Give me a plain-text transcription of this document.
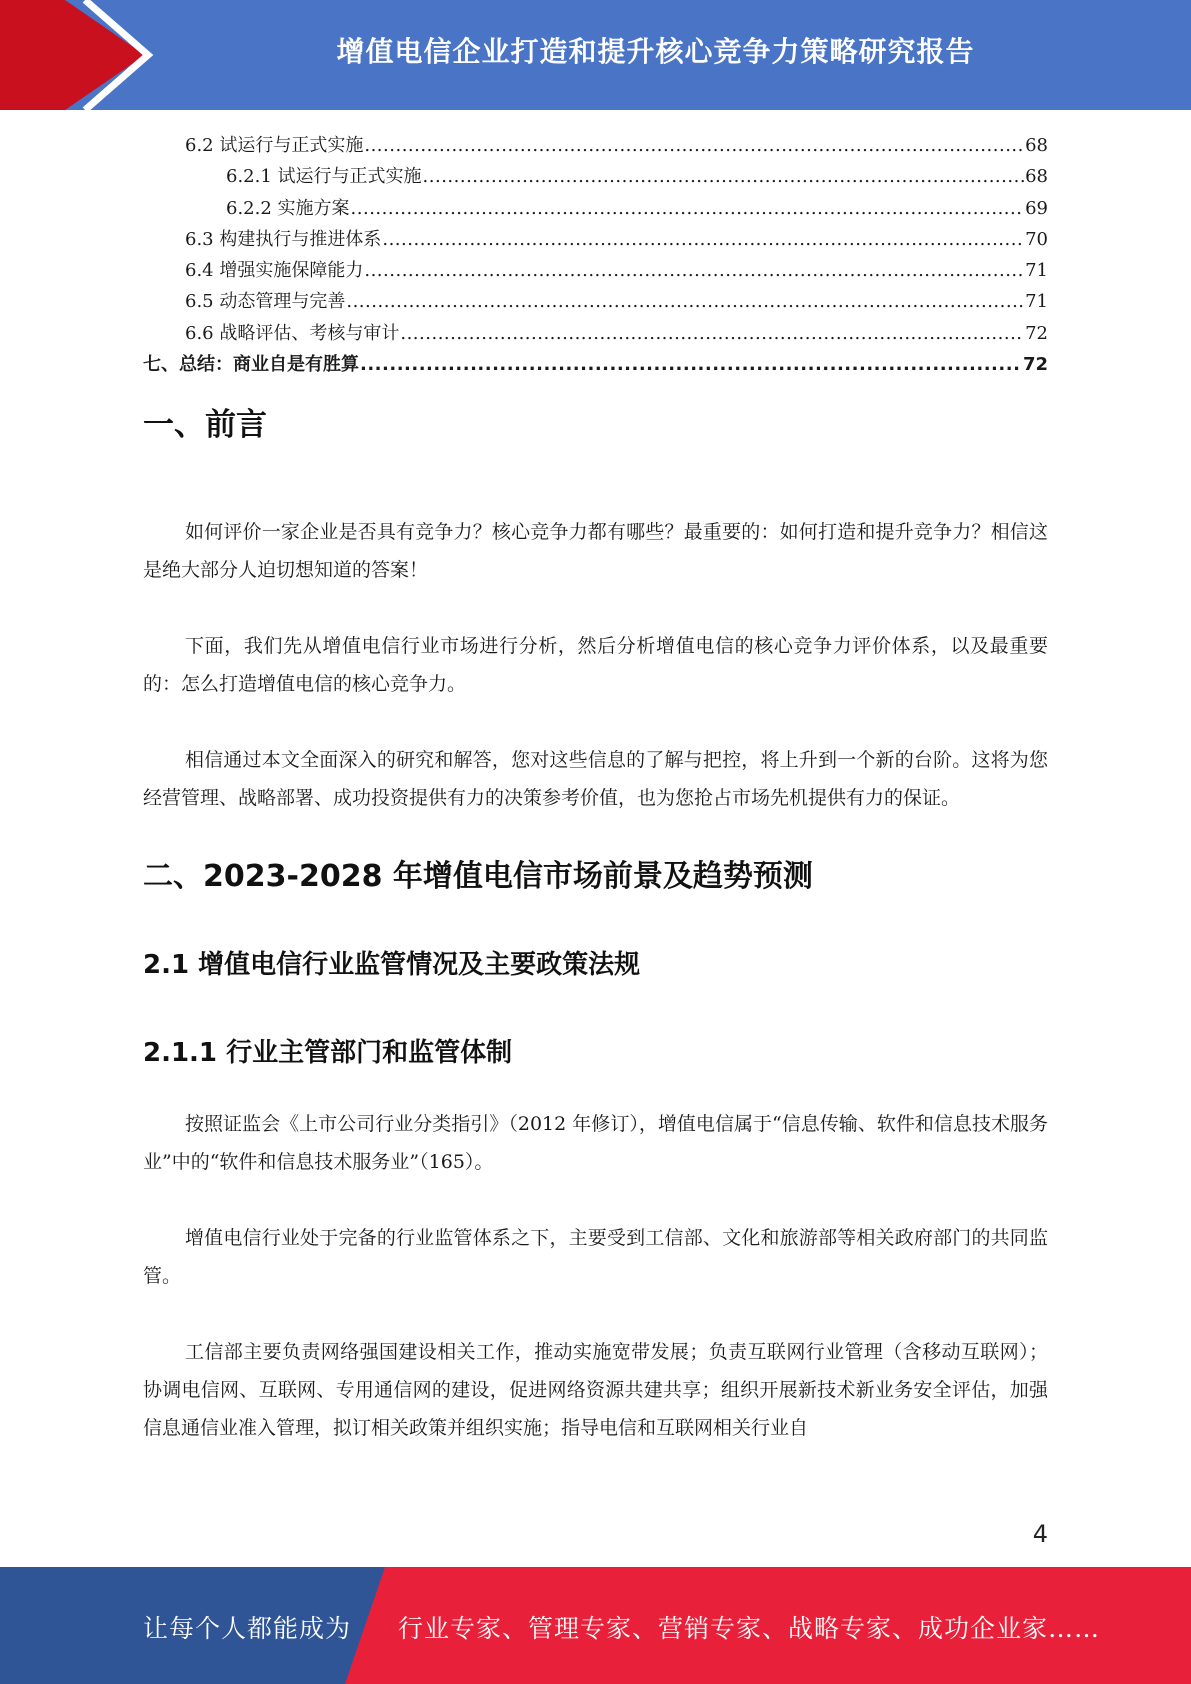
增值电信企业打造和提升核心竞争力策略研究报告
6.2 试运行与正式实施 .....	68
6.2.1 试运行与正式实施 .....	68
6.2.2 实施方案 .....	69
6.3 构建执行与推进体系 .....	70
6.4 增强实施保障能力 .....	71
6.5 动态管理与完善 .....	71
6.6 战略评估、考核与审计 .....	72
七、总结：商业自是有胜算 .....	72
一、前言

如何评价一家企业是否具有竞争力？核心竞争力都有哪些？最重要的：如何打造和提升竞争力？相信这是绝大部分人迫切想知道的答案！

下面，我们先从增值电信行业市场进行分析，然后分析增值电信的核心竞争力评价体系，以及最重要的：怎么打造增值电信的核心竞争力。

相信通过本文全面深入的研究和解答，您对这些信息的了解与把控，将上升到一个新的台阶。这将为您经营管理、战略部署、成功投资提供有力的决策参考价值，也为您抢占市场先机提供有力的保证。

二、2023-2028 年增值电信市场前景及趋势预测
2.1 增值电信行业监管情况及主要政策法规
2.1.1 行业主管部门和监管体制

按照证监会《上市公司行业分类指引》（2012 年修订），增值电信属于“信息传输、软件和信息技术服务业”中的“软件和信息技术服务业”（165）。

增值电信行业处于完备的行业监管体系之下，主要受到工信部、文化和旅游部等相关政府部门的共同监管。

工信部主要负责网络强国建设相关工作，推动实施宽带发展；负责互联网行业管理（含移动互联网）；协调电信网、互联网、专用通信网的建设，促进网络资源共建共享；组织开展新技术新业务安全评估，加强信息通信业准入管理，拟订相关政策并组织实施；指导电信和互联网相关行业自

4
让每个人都能成为 行业专家、管理专家、营销专家、战略专家、成功企业家……
